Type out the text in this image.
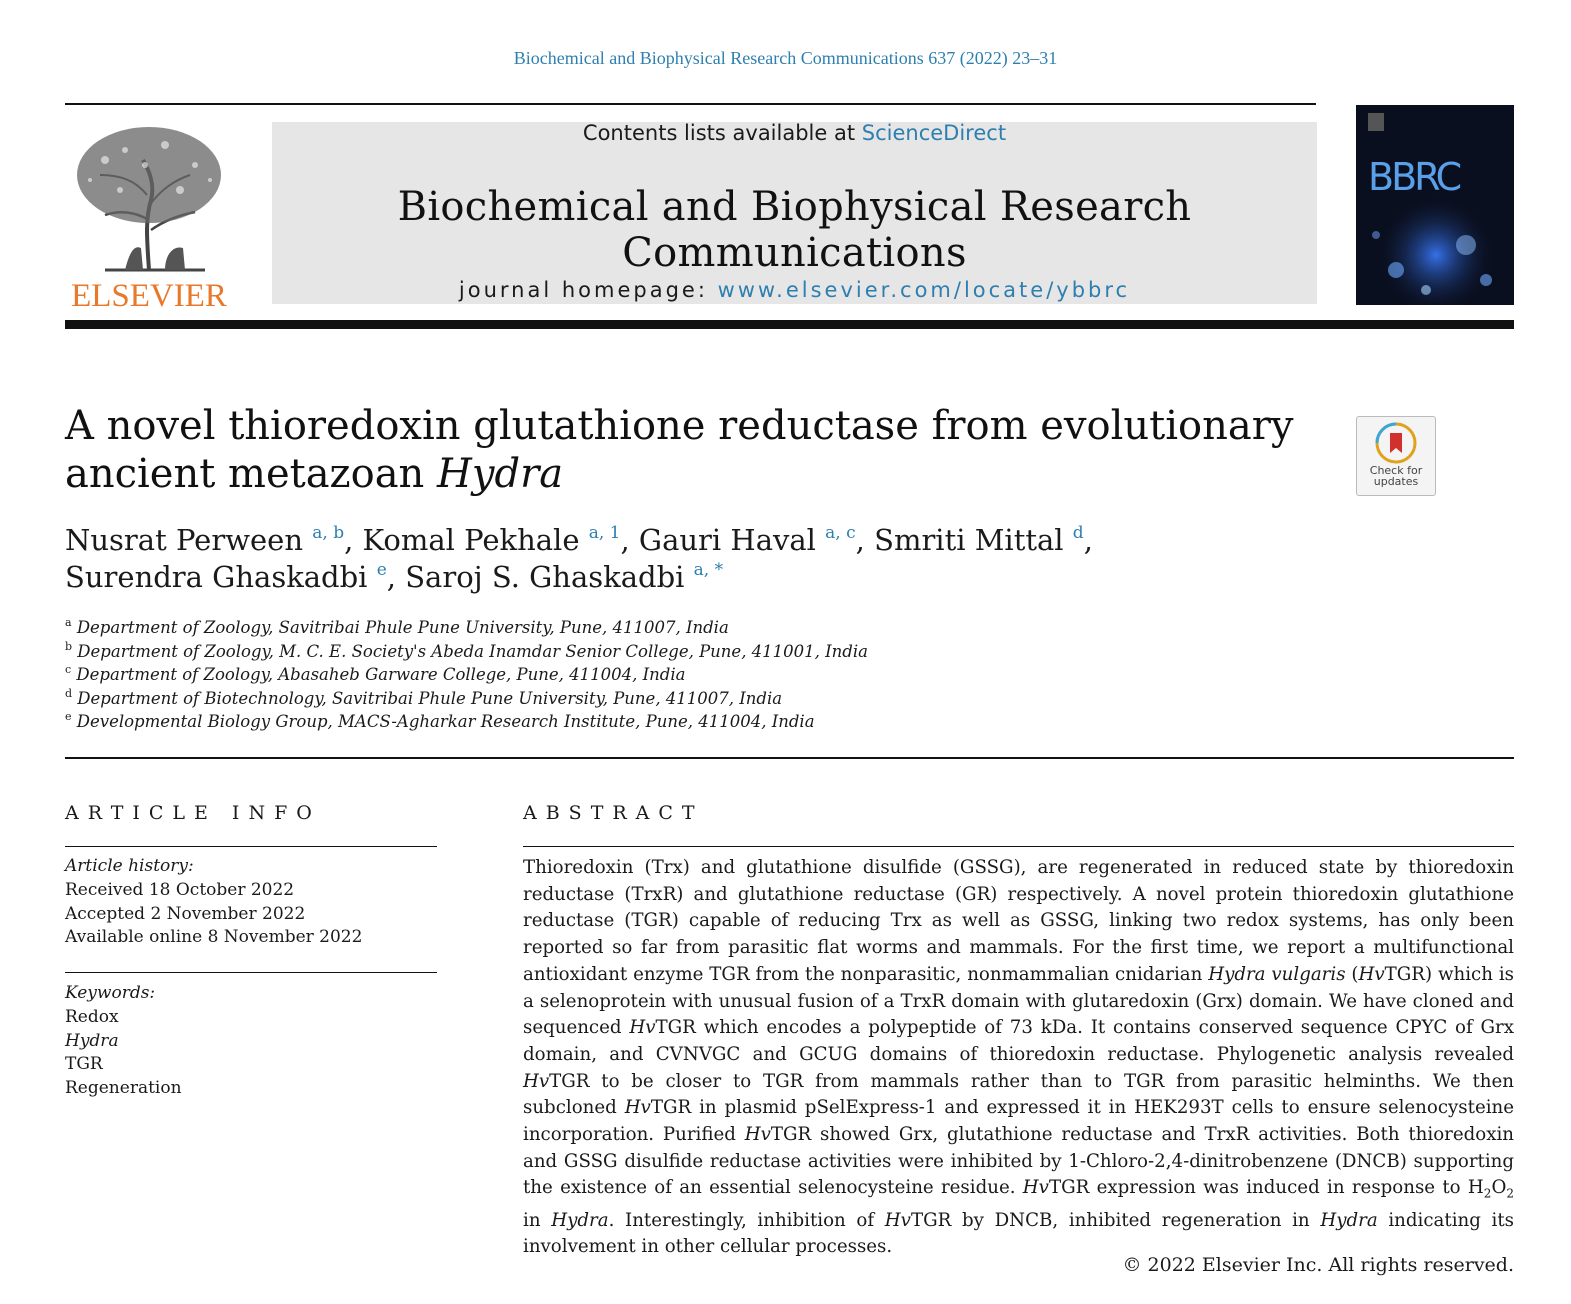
Biochemical and Biophysical Research Communications 637 (2022) 23–31
ELSEVIER
Contents lists available at ScienceDirect
Biochemical and Biophysical Research Communications
journal homepage: www.elsevier.com/locate/ybbrc
BBRC
A novel thioredoxin glutathione reductase from evolutionary ancient metazoan Hydra	Check for updates
Nusrat Perween $^{a, b}$, Komal Pekhale $^{a, 1}$, Gauri Haval $^{a, c}$, Smriti Mittal $^d$,
Surendra Ghaskadbi $^e$, Saroj S. Ghaskadbi $^{a, *}$
$^a$ Department of Zoology, Savitribai Phule Pune University, Pune, 411007, India
$^b$ Department of Zoology, M. C. E. Society's Abeda Inamdar Senior College, Pune, 411001, India
$^c$ Department of Zoology, Abasaheb Garware College, Pune, 411004, India
$^d$ Department of Biotechnology, Savitribai Phule Pune University, Pune, 411007, India
$^e$ Developmental Biology Group, MACS-Agharkar Research Institute, Pune, 411004, India
ARTICLE INFO	ABSTRACT
Article history:
Received 18 October 2022
Accepted 2 November 2022
Available online 8 November 2022
Keywords:
Redox
Hydra
TGR
Regeneration
Thioredoxin (Trx) and glutathione disulfide (GSSG), are regenerated in reduced state by thioredoxin reductase (TrxR) and glutathione reductase (GR) respectively. A novel protein thioredoxin glutathione reductase (TGR) capable of reducing Trx as well as GSSG, linking two redox systems, has only been reported so far from parasitic flat worms and mammals. For the first time, we report a multifunctional antioxidant enzyme TGR from the nonparasitic, nonmammalian cnidarian Hydra vulgaris (HvTGR) which is a selenoprotein with unusual fusion of a TrxR domain with glutaredoxin (Grx) domain. We have cloned and sequenced HvTGR which encodes a polypeptide of 73 kDa. It contains conserved sequence CPYC of Grx domain, and CVNVGC and GCUG domains of thioredoxin reductase. Phylogenetic analysis revealed HvTGR to be closer to TGR from mammals rather than to TGR from parasitic helminths. We then subcloned HvTGR in plasmid pSelExpress-1 and expressed it in HEK293T cells to ensure selenocysteine incorporation. Purified HvTGR showed Grx, glutathione reductase and TrxR activities. Both thioredoxin and GSSG disulfide reductase activities were inhibited by 1-Chloro-2,4-dinitrobenzene (DNCB) supporting the existence of an essential selenocysteine residue. HvTGR expression was induced in response to $H_2O_2$ in Hydra. Interestingly, inhibition of HvTGR by DNCB, inhibited regeneration in Hydra indicating its involvement in other cellular processes.
© 2022 Elsevier Inc. All rights reserved.
